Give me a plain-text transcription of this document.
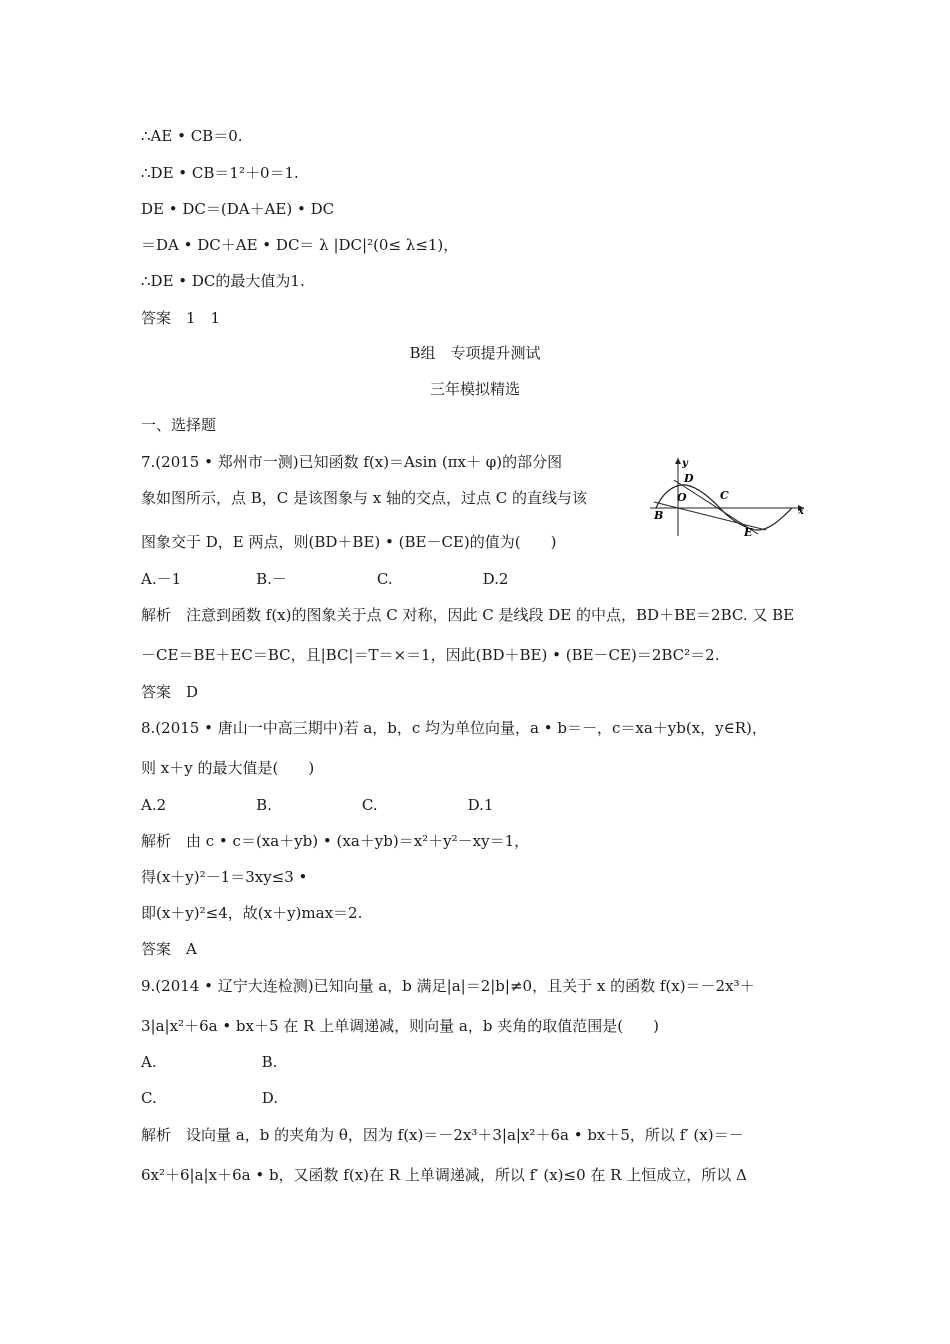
∴AE • CB＝0.
∴DE • CB＝1²＋0＝1.
DE • DC＝(DA＋AE) • DC
＝DA • DC＋AE • DC＝ λ |DC|²(0≤ λ≤1)，
∴DE • DC的最大值为1.
答案　1　1
B组　专项提升测试
三年模拟精选
一、选择题
7.(2015 • 郑州市一测)已知函数 f(x)＝Asin (πx＋ φ)的部分图
象如图所示，点 B，C 是该图象与 x 轴的交点，过点 C 的直线与该
图象交于 D，E 两点，则(BD＋BE) • (BE－CE)的值为(　　)
y
D
O	C
B	x
E
A.－1　　　　　B.－　　　　　　C.　　　　　　D.2
解析　注意到函数 f(x)的图象关于点 C 对称，因此 C 是线段 DE 的中点，BD＋BE＝2BC. 又 BE
－CE＝BE＋EC＝BC，且|BC|＝T＝×＝1，因此(BD＋BE) • (BE－CE)＝2BC²＝2.
答案　D
8.(2015 • 唐山一中高三期中)若 a，b，c 均为单位向量，a • b＝－，c＝xa＋yb(x，y∈R)，
则 x＋y 的最大值是(　　)
A.2　　　　　　B.　　　　　　C.　　　　　　D.1
解析　由 c • c＝(xa＋yb) • (xa＋yb)＝x²＋y²－xy＝1，
得(x＋y)²－1＝3xy≤3 •
即(x＋y)²≤4，故(x＋y)max＝2.
答案　A
9.(2014 • 辽宁大连检测)已知向量 a，b 满足|a|＝2|b|≠0，且关于 x 的函数 f(x)＝－2x³＋
3|a|x²＋6a • bx＋5 在 R 上单调递减，则向量 a，b 夹角的取值范围是(　　)
A.　　　　　　　B.
C.　　　　　　　D.
解析　设向量 a，b 的夹角为 θ，因为 f(x)＝－2x³＋3|a|x²＋6a • bx＋5，所以 f′ (x)＝－
6x²＋6|a|x＋6a • b，又函数 f(x)在 R 上单调递减，所以 f′ (x)≤0 在 R 上恒成立，所以 Δ
